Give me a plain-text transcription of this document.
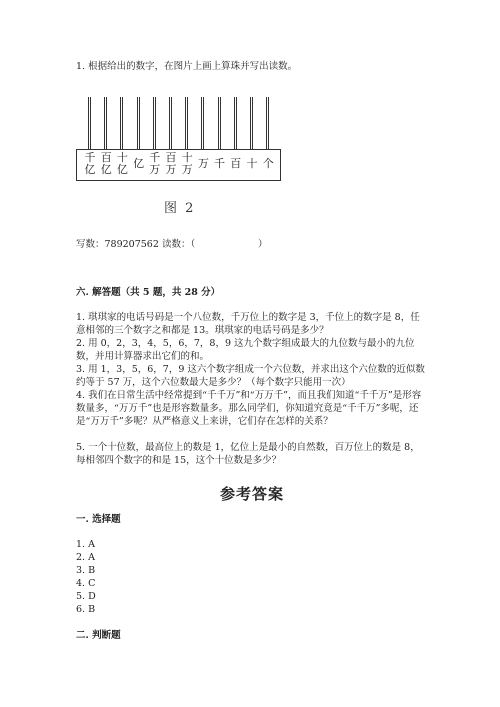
1. 根据给出的数字，在图片上画上算珠并写出读数。
千亿
百亿
十亿 亿 千万
百万
十万 万 千 百 十 个
图 2
写数：789207562 读数：（	）
六. 解答题（共 5 题，共 28 分）
1. 琪琪家的电话号码是一个八位数，千万位上的数字是 3，千位上的数字是 8，任意相邻的三个数字之和都是 13。琪琪家的电话号码是多少？
2. 用 0，2，3，4，5，6，7，8，9 这九个数字组成最大的九位数与最小的九位数，并用计算器求出它们的和。
3. 用 1，3，5，6，7，9 这六个数字组成一个六位数，并求出这个六位数的近似数约等于 57 万，这个六位数最大是多少？（每个数字只能用一次）
4. 我们在日常生活中经常提到“千千万”和“万万千”，而且我们知道“千千万”是形容数量多，“万万千”也是形容数量多。那么同学们，你知道究竟是“千千万”多呢，还是“万万千”多呢？从严格意义上来讲，它们存在怎样的关系？
5. 一个十位数，最高位上的数是 1，亿位上是最小的自然数，百万位上的数是 8，每相邻四个数字的和是 15，这个十位数是多少？
参考答案
一. 选择题
1. A
2. A
3. B
4. C
5. D
6. B
二. 判断题
